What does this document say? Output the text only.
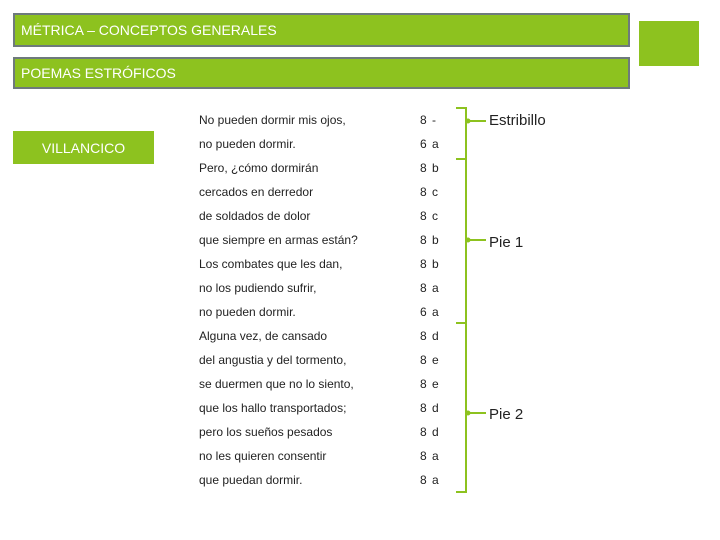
MÉTRICA – CONCEPTOS GENERALES
POEMAS ESTRÓFICOS
VILLANCICO
No pueden dormir mis ojos,	8 -
no pueden dormir.	6 a
Pero, ¿cómo dormirán	8 b
cercados en derredor	8 c
de soldados de dolor	8 c
que siempre en armas están?	8 b
Los combates que les dan,	8 b
no los pudiendo sufrir,	8 a
no pueden dormir.	6 a
Alguna vez, de cansado	8 d
del angustia y del tormento,	8 e
se duermen que no lo siento,	8 e
que los hallo transportados;	8 d
pero los sueños pesados	8 d
no les quieren consentir	8 a
que puedan dormir.	8 a
Estribillo
Pie 1
Pie 2
